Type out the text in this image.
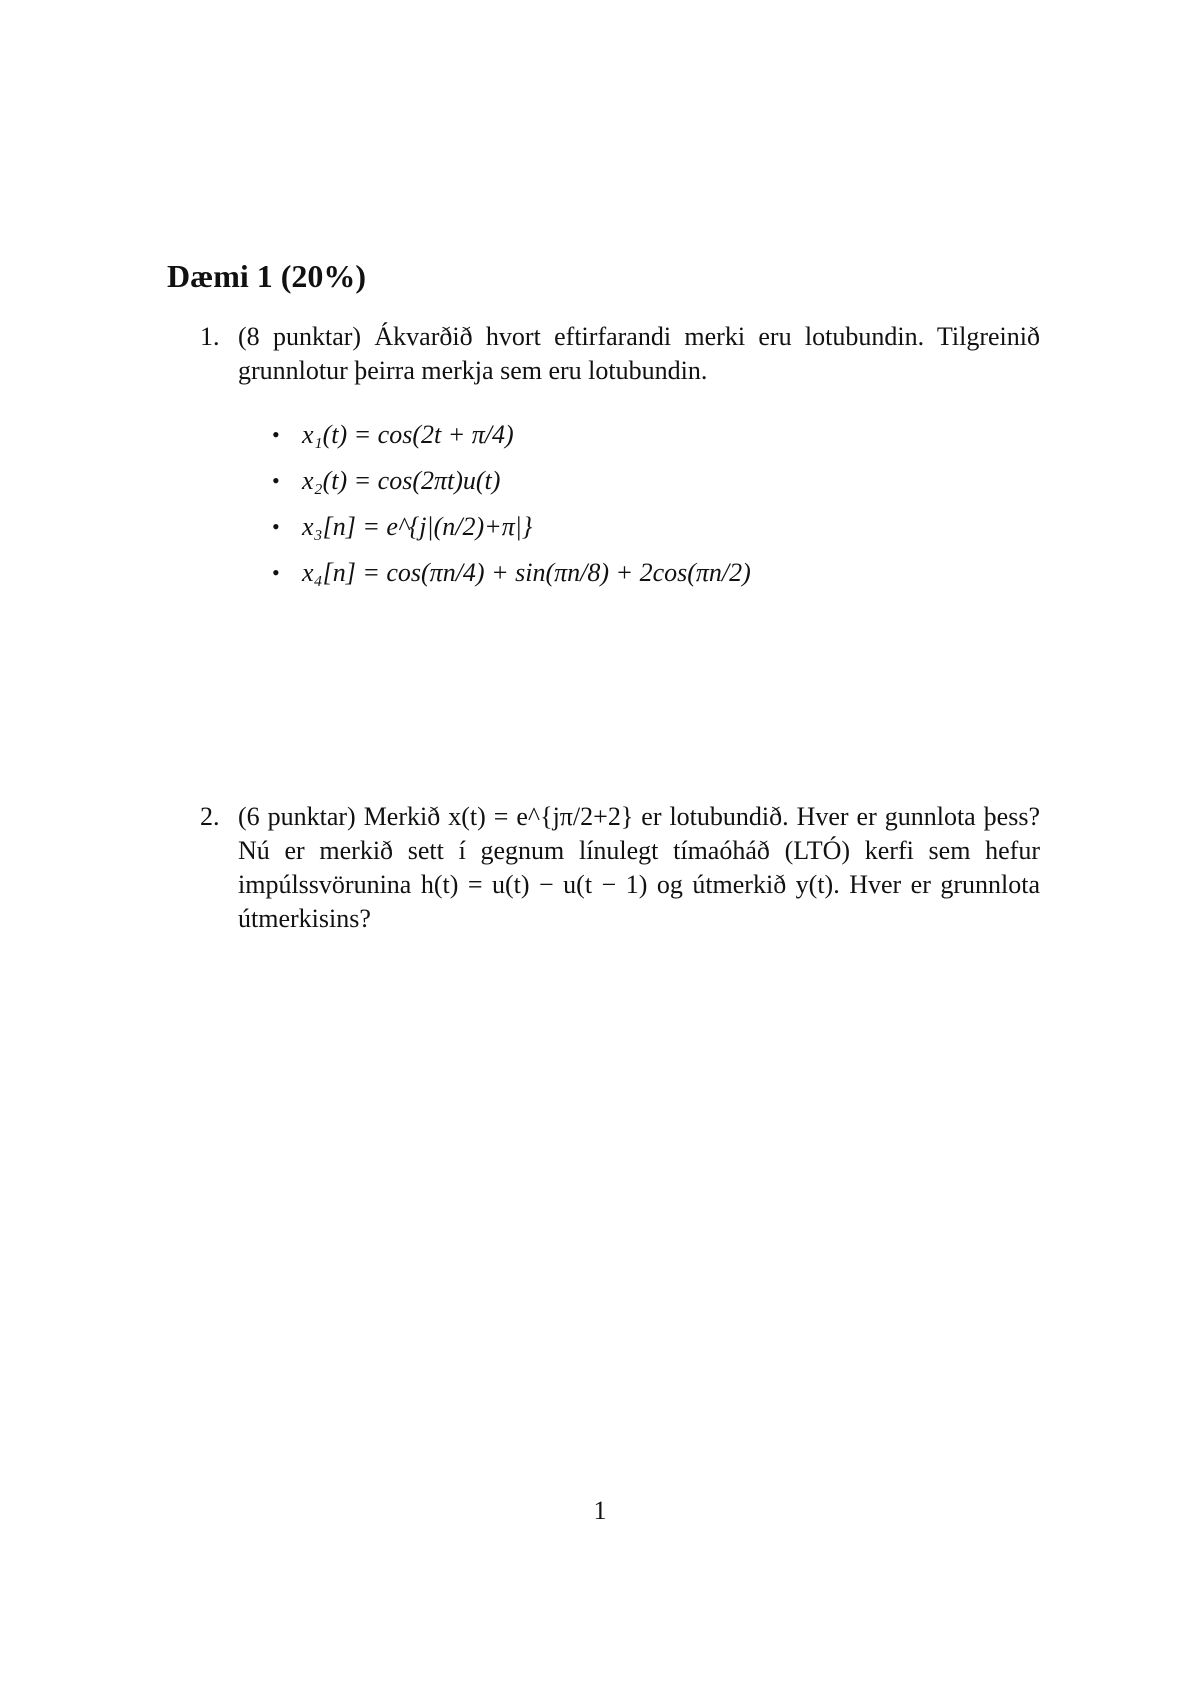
Dæmi 1 (20%)
1. (8 punktar) Ákvarðið hvort eftirfarandi merki eru lotubundin. Tilgreinið grunnlotur þeirra merkja sem eru lotubundin.
• x₁(t) = cos(2t + π/4)
• x₂(t) = cos(2πt)u(t)
• x₃[n] = e^{j|(n/2)+π|}
• x₄[n] = cos(πn/4) + sin(πn/8) + 2cos(πn/2)
2. (6 punktar) Merkið x(t) = e^{jπ/2+2} er lotubundið. Hver er gunnlota þess? Nú er merkið sett í gegnum línulegt tímaóháð (LTÓ) kerfi sem hefur impúlssvörunina h(t) = u(t) − u(t − 1) og útmerkið y(t). Hver er grunnlota útmerkisins?
1
